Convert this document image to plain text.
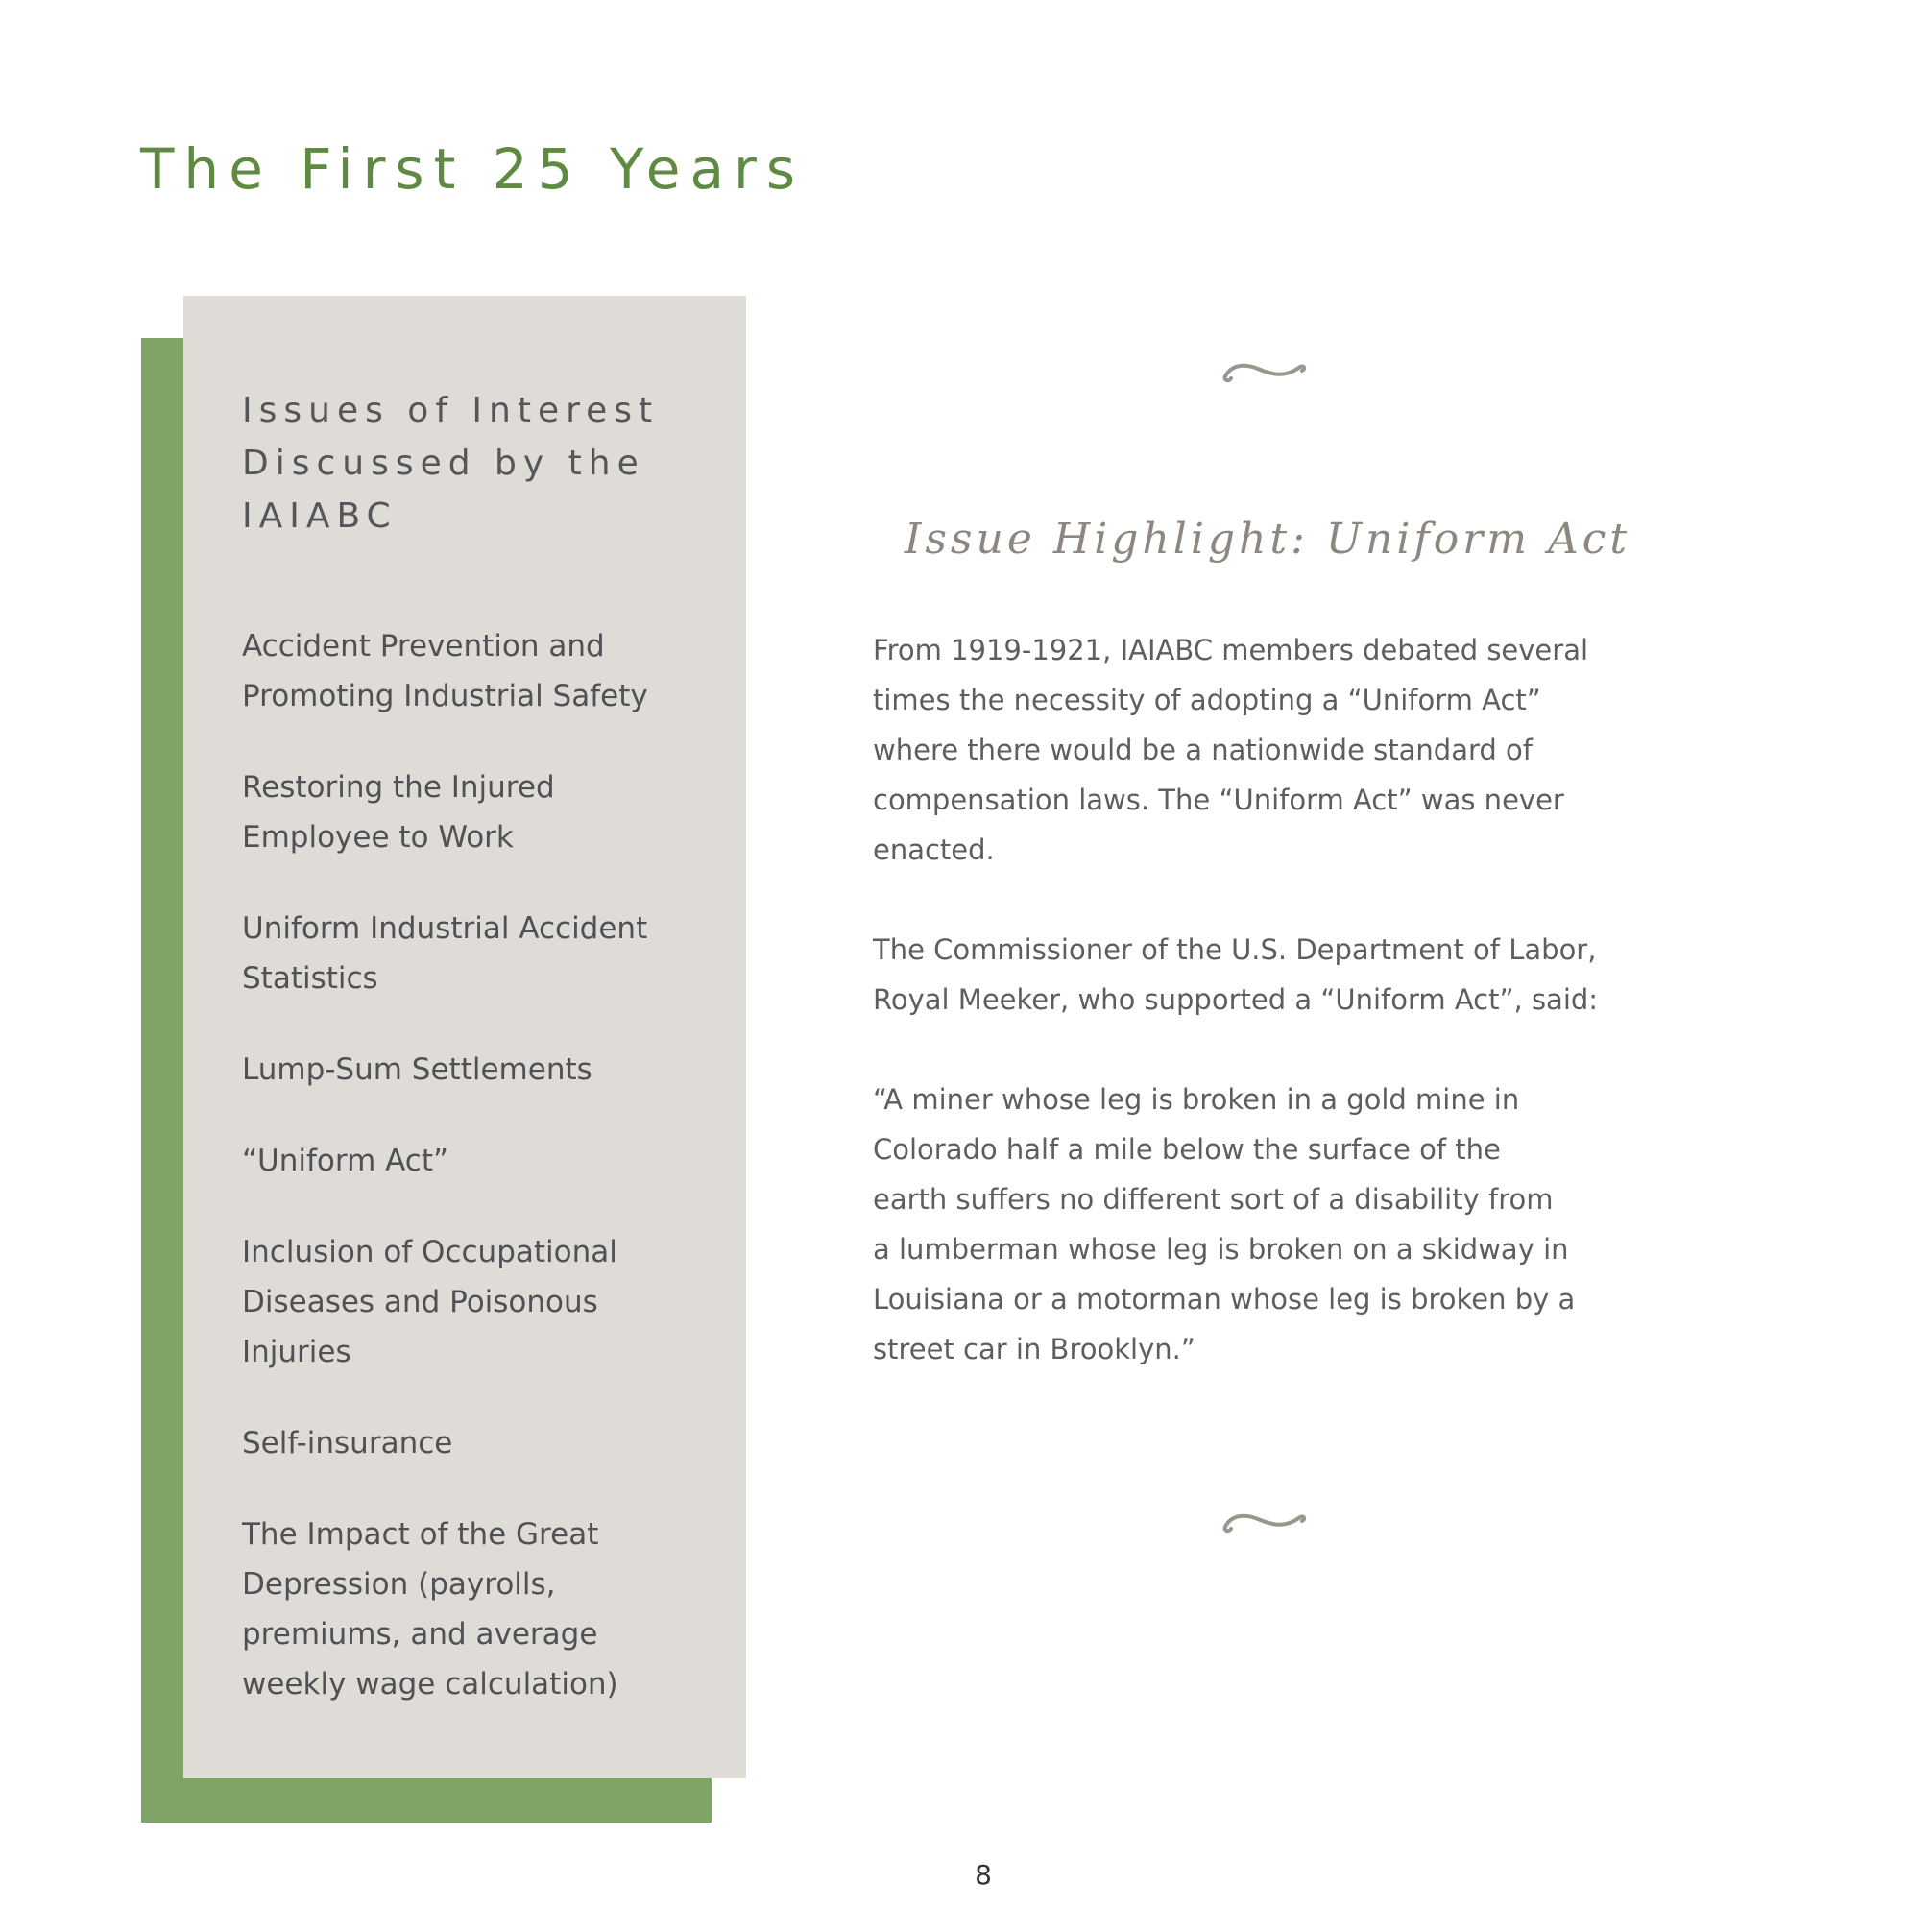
The First 25 Years
Issues of Interest Discussed by the IAIABC
Accident Prevention and Promoting Industrial Safety
Restoring the Injured Employee to Work
Uniform Industrial Accident Statistics
Lump-Sum Settlements
“Uniform Act”
Inclusion of Occupational Diseases and Poisonous Injuries
Self-insurance
The Impact of the Great Depression (payrolls, premiums, and average weekly wage calculation)
Issue Highlight: Uniform Act

From 1919-1921, IAIABC members debated several
times the necessity of adopting a “Uniform Act”
where there would be a nationwide standard of
compensation laws. The “Uniform Act” was never
enacted.

The Commissioner of the U.S. Department of Labor,
Royal Meeker, who supported a “Uniform Act”, said:

“A miner whose leg is broken in a gold mine in
Colorado half a mile below the surface of the
earth suffers no different sort of a disability from
a lumberman whose leg is broken on a skidway in
Louisiana or a motorman whose leg is broken by a
street car in Brooklyn.”

8
